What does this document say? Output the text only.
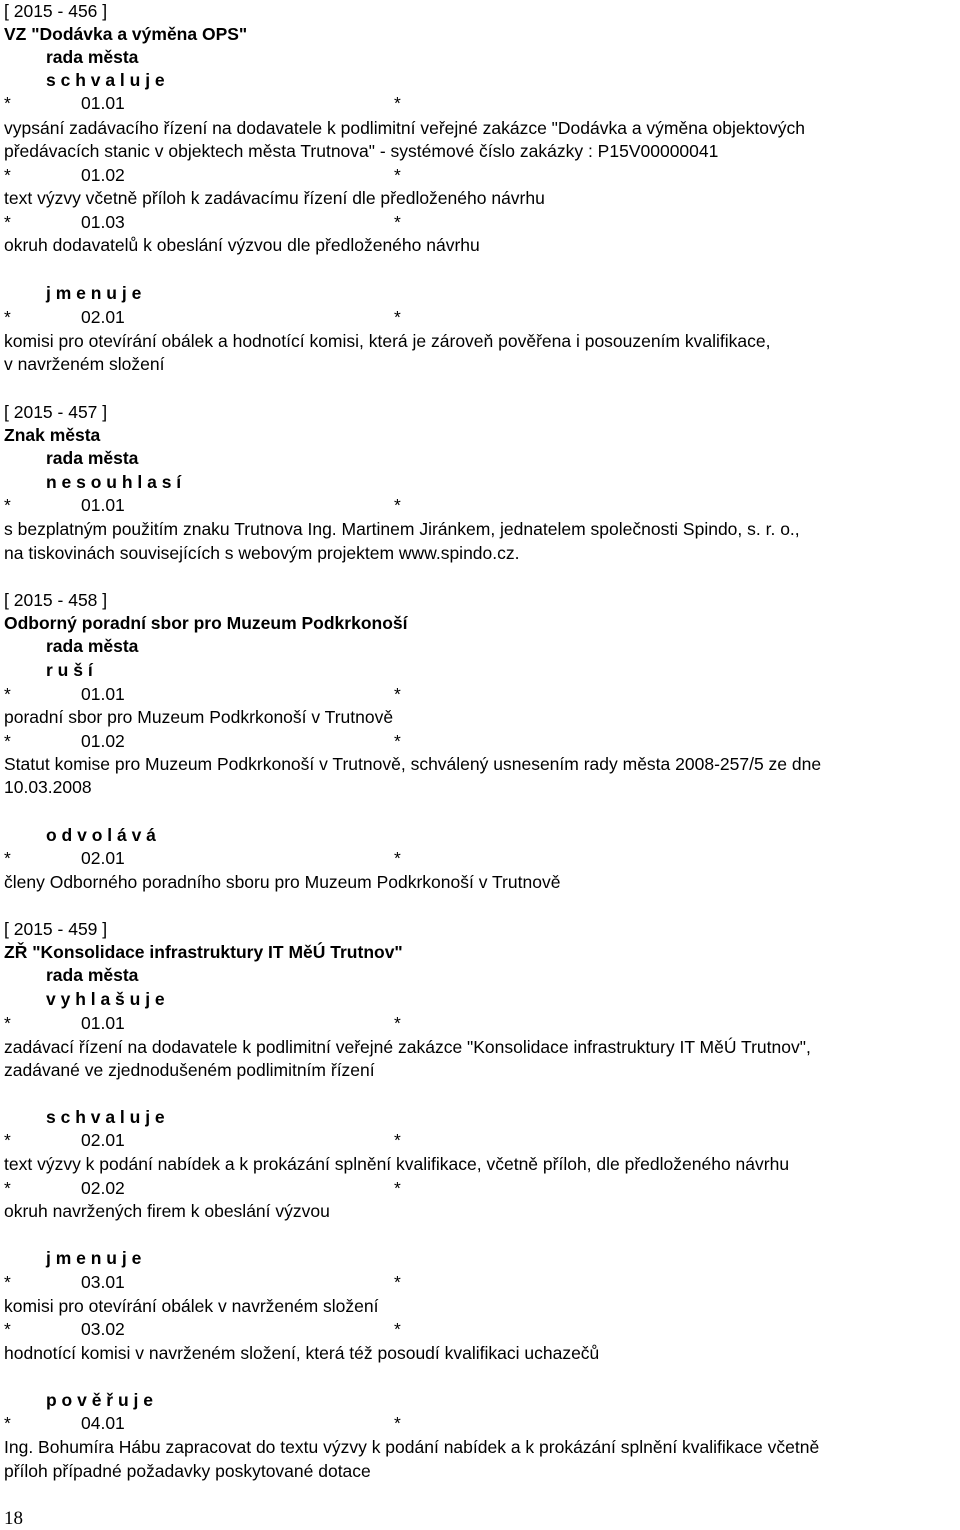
[ 2015 - 456 ]
VZ "Dodávka a výměna OPS"
rada města
s c h v a l u j e
*	01.01	*
vypsání zadávacího řízení na dodavatele k podlimitní veřejné zakázce "Dodávka a výměna objektových
předávacích stanic v objektech města Trutnova" - systémové číslo zakázky : P15V00000041
*	01.02	*
text výzvy včetně příloh k zadávacímu řízení dle předloženého návrhu
*	01.03	*
okruh dodavatelů k obeslání výzvou dle předloženého návrhu
j m e n u j e
*	02.01	*
komisi pro otevírání obálek a hodnotící komisi, která je zároveň pověřena i posouzením kvalifikace,
v navrženém složení
[ 2015 - 457 ]
Znak města
rada města
n e s o u h l a s í
*	01.01	*
s bezplatným použitím znaku Trutnova Ing. Martinem Jiránkem, jednatelem společnosti Spindo, s. r. o.,
na tiskovinách souvisejících s webovým projektem www.spindo.cz.
[ 2015 - 458 ]
Odborný poradní sbor pro Muzeum Podkrkonoší
rada města
r u š í
*	01.01	*
poradní sbor pro Muzeum Podkrkonoší v Trutnově
*	01.02	*
Statut komise pro Muzeum Podkrkonoší v Trutnově, schválený usnesením rady města 2008-257/5 ze dne
10.03.2008
o d v o l á v á
*	02.01	*
členy Odborného poradního sboru pro Muzeum Podkrkonoší v Trutnově
[ 2015 - 459 ]
ZŘ "Konsolidace infrastruktury IT MěÚ Trutnov"
rada města
v y h l a š u j e
*	01.01	*
zadávací řízení na dodavatele k podlimitní veřejné zakázce "Konsolidace infrastruktury IT MěÚ Trutnov",
zadávané ve zjednodušeném podlimitním řízení
s c h v a l u j e
*	02.01	*
text výzvy k podání nabídek a k prokázání splnění kvalifikace, včetně příloh, dle předloženého návrhu
*	02.02	*
okruh navržených firem k obeslání výzvou
j m e n u j e
*	03.01	*
komisi pro otevírání obálek v navrženém složení
*	03.02	*
hodnotící komisi v navrženém složení, která též posoudí kvalifikaci uchazečů
p o v ě ř u j e
*	04.01	*
Ing. Bohumíra Hábu zapracovat do textu výzvy k podání nabídek a k prokázání splnění kvalifikace včetně
příloh případné požadavky poskytované dotace
18
